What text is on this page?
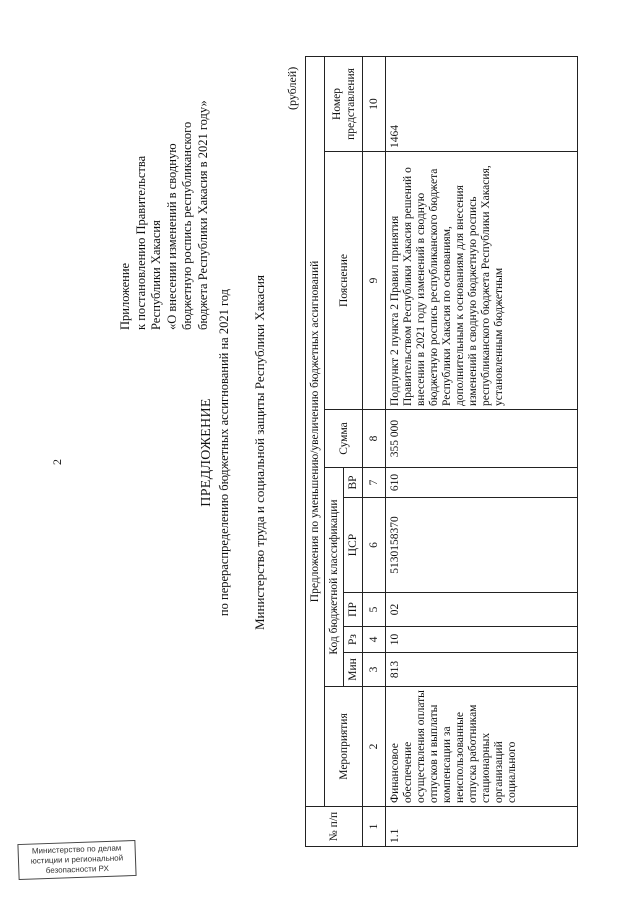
2
Приложение к постановлению Правительства Республики Хакасия «О внесении изменений в сводную бюджетную роспись республиканского бюджета Республики Хакасия в 2021 году»
ПРЕДЛОЖЕНИЕ по перераспределению бюджетных ассигнований на 2021 год Министерство труда и социальной защиты Республики Хакасия
(рублей)
№ п/п	Предложения по уменьшению/увеличению бюджетных ассигнований								
	Мероприятия	Код бюджетной классификации					Сумма	Пояснение	Номер представления
		Мин	Рз	ПР	ЦСР	ВР			
1	2	3	4	5	6	7	8	9	10
1.1	Финансовое обеспечение осуществления оплаты отпусков и выплаты компенсации за неиспользованные отпуска работникам стационарных организаций социального	813	10	02	5130158370	610	355 000	Подпункт 2 пункта 2 Правил принятия Правительством Республики Хакасия решений о внесении в 2021 году изменений в сводную бюджетную роспись республиканского бюджета Республики Хакасия по основаниям, дополнительным к основаниям для внесения изменений в сводную бюджетную роспись республиканского бюджета Республики Хакасия, установленным бюджетным	1464
Министерство по делам
юстиции и региональной
безопасности РХ
